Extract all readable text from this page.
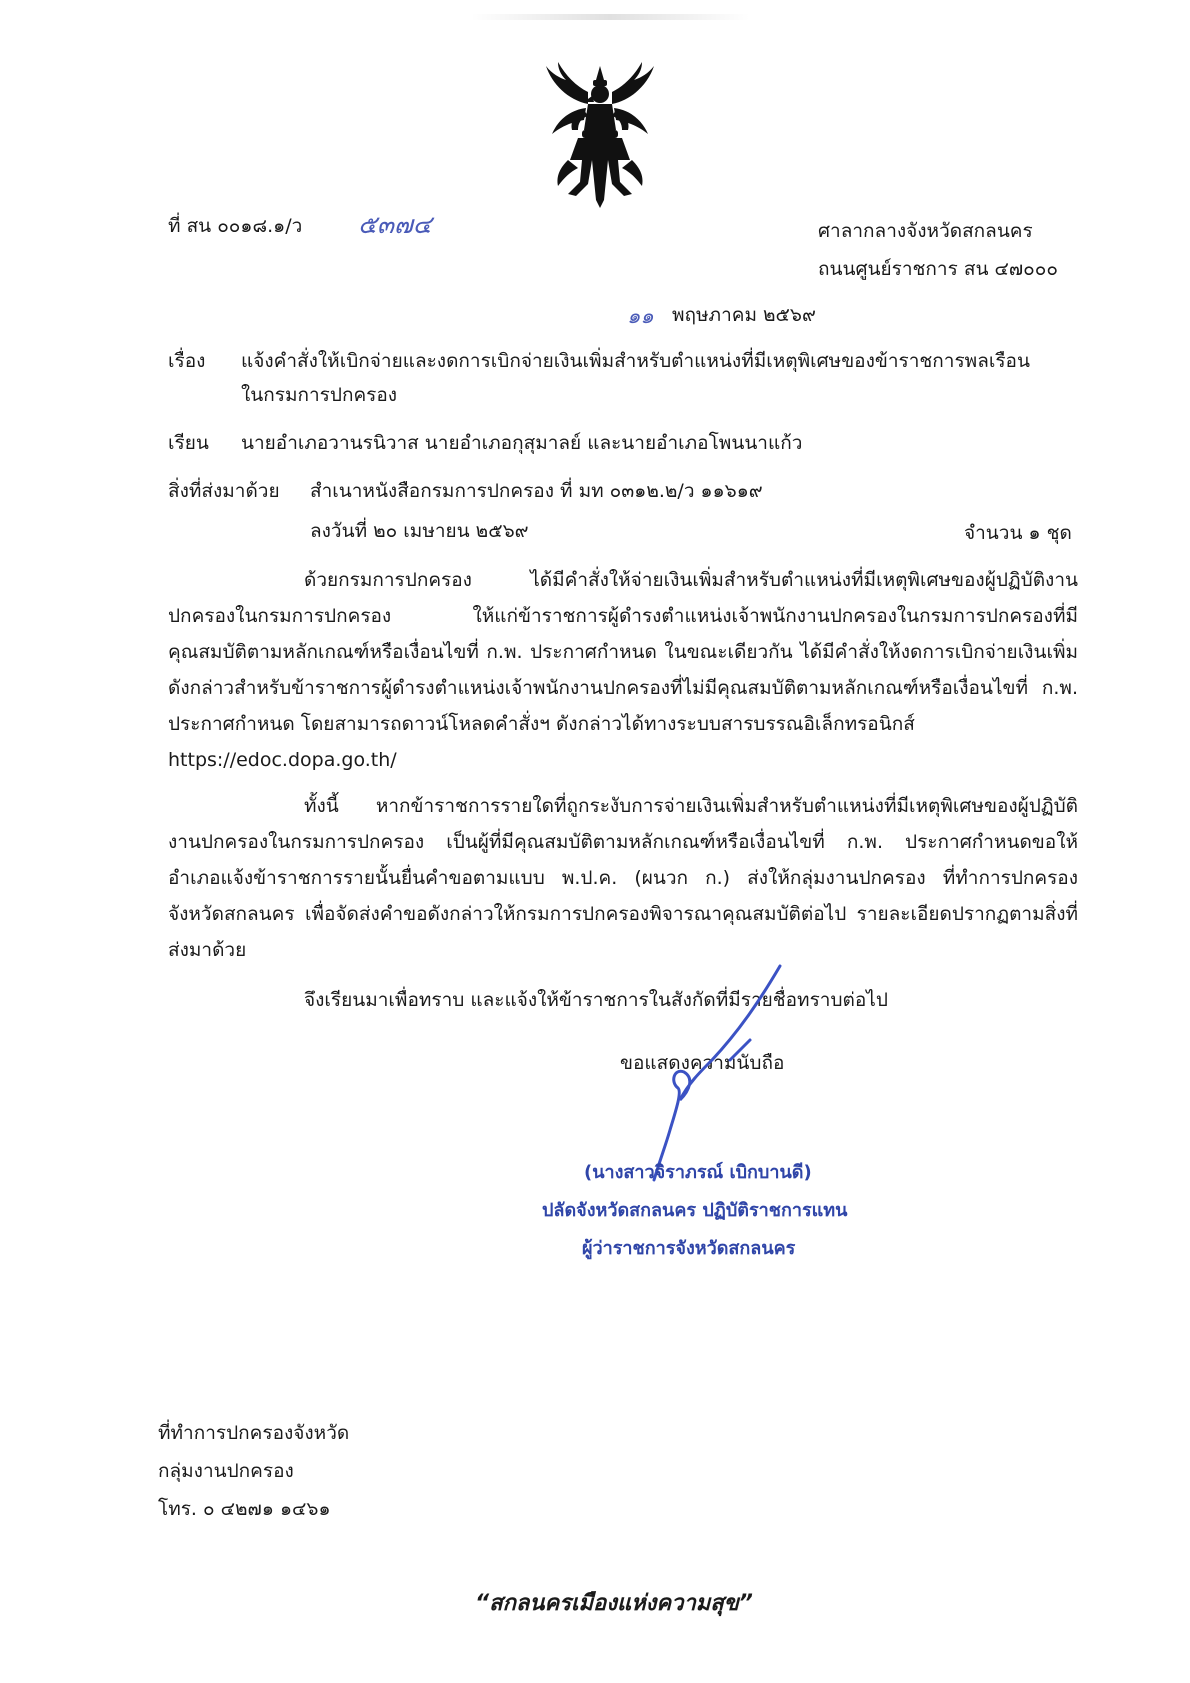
ที่ สน ๐๐๑๘.๑/ว ๕๓๗๔	ศาลากลางจังหวัดสกลนคร
ถนนศูนย์ราชการ สน ๔๗๐๐๐
๑๑ พฤษภาคม ๒๕๖๙
เรื่อง แจ้งคำสั่งให้เบิกจ่ายและงดการเบิกจ่ายเงินเพิ่มสำหรับตำแหน่งที่มีเหตุพิเศษของข้าราชการพลเรือน
ในกรมการปกครอง
เรียน นายอำเภอวานรนิวาส นายอำเภอกุสุมาลย์ และนายอำเภอโพนนาแก้ว
สิ่งที่ส่งมาด้วย สำเนาหนังสือกรมการปกครอง ที่ มท ๐๓๑๒.๒/ว ๑๑๖๑๙
ลงวันที่ ๒๐ เมษายน ๒๕๖๙	จำนวน ๑ ชุด

ด้วยกรมการปกครอง ได้มีคำสั่งให้จ่ายเงินเพิ่มสำหรับตำแหน่งที่มีเหตุพิเศษของผู้ปฏิบัติงานปกครองในกรมการปกครอง ให้แก่ข้าราชการผู้ดำรงตำแหน่งเจ้าพนักงานปกครองในกรมการปกครองที่มีคุณสมบัติตามหลักเกณฑ์หรือเงื่อนไขที่ ก.พ. ประกาศกำหนด ในขณะเดียวกัน ได้มีคำสั่งให้งดการเบิกจ่ายเงินเพิ่มดังกล่าวสำหรับข้าราชการผู้ดำรงตำแหน่งเจ้าพนักงานปกครองที่ไม่มีคุณสมบัติตามหลักเกณฑ์หรือเงื่อนไขที่ ก.พ. ประกาศกำหนด โดยสามารถดาวน์โหลดคำสั่งฯ ดังกล่าวได้ทางระบบสารบรรณอิเล็กทรอนิกส์

https://edoc.dopa.go.th/

ทั้งนี้ หากข้าราชการรายใดที่ถูกระงับการจ่ายเงินเพิ่มสำหรับตำแหน่งที่มีเหตุพิเศษของผู้ปฏิบัติงานปกครองในกรมการปกครอง เป็นผู้ที่มีคุณสมบัติตามหลักเกณฑ์หรือเงื่อนไขที่ ก.พ. ประกาศกำหนดขอให้อำเภอแจ้งข้าราชการรายนั้นยื่นคำขอตามแบบ พ.ป.ค. (ผนวก ก.) ส่งให้กลุ่มงานปกครอง ที่ทำการปกครองจังหวัดสกลนคร เพื่อจัดส่งคำขอดังกล่าวให้กรมการปกครองพิจารณาคุณสมบัติต่อไป รายละเอียดปรากฏตามสิ่งที่ส่งมาด้วย

จึงเรียนมาเพื่อทราบ และแจ้งให้ข้าราชการในสังกัดที่มีรายชื่อทราบต่อไป
ขอแสดงความนับถือ
(นางสาวจิราภรณ์ เบิกบานดี)
ปลัดจังหวัดสกลนคร ปฏิบัติราชการแทน
ผู้ว่าราชการจังหวัดสกลนคร
ที่ทำการปกครองจังหวัด
กลุ่มงานปกครอง
โทร. ๐ ๔๒๗๑ ๑๔๖๑
“สกลนครเมืองแห่งความสุข”
